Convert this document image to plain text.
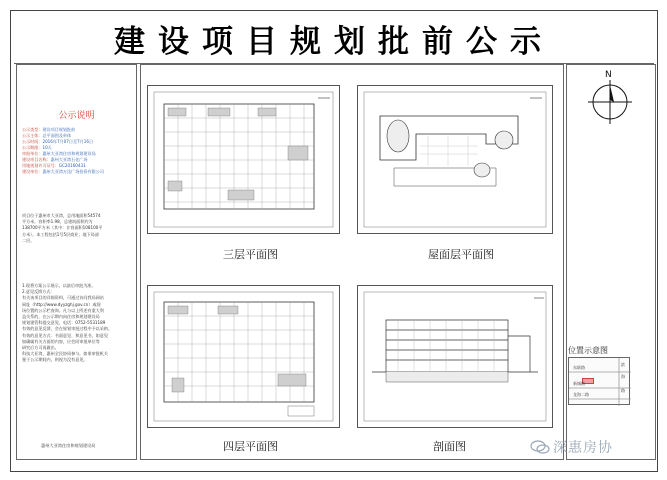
建设项目规划批前公示
公示说明
公示类型：建设项目规划批前
公示主体：总平面图及单体
公示时间：2016年7月07日至7月16日
公示期限：10天
审批单位：惠州大亚湾住房和规划建设局
建设项目名称：惠州大亚湾石化广场
用地规划许可证号：GC20160431
建设单位：惠州大亚湾万达广场投资有限公司

项目位于惠州市大亚湾，总用地面积54574

平方米，容积率1.98，总建筑面积约为

138700平方米（其中：计容面积108100平

方米）。本工程包括1号5层商业；地下局部

二层。

1.现将方案公示展示，以最后审批为准。

2.意见反馈方式：

有关该项目的详细资料，可通过访问我局网站

网址（http://www.dyyzghj.gov.cn）或现

场位置的公示栏查询。凡与以上所述有重大利

益关系的，在公示期内向住房和规划建设局

规划建管科提交意见，电话：0752-5531189

有效的意见反馈，会在规划审批过程中予以采纳。

有效的意见方式：书面意见、和意见书，如意见

如确属有关方面的内容，应会同审批单位等

研究后方可再做出。

科技大亚湾，惠州全民协同参与，如果审批机关

鉴于公示期间内，则视为没有意见。

惠州大亚湾住房和规划建设局
三层平面图	屋面层平面图
四层平面图	剖面图
N
位置示意图
东联路
新城路
龙海二路
滨
海
路
深惠房协
